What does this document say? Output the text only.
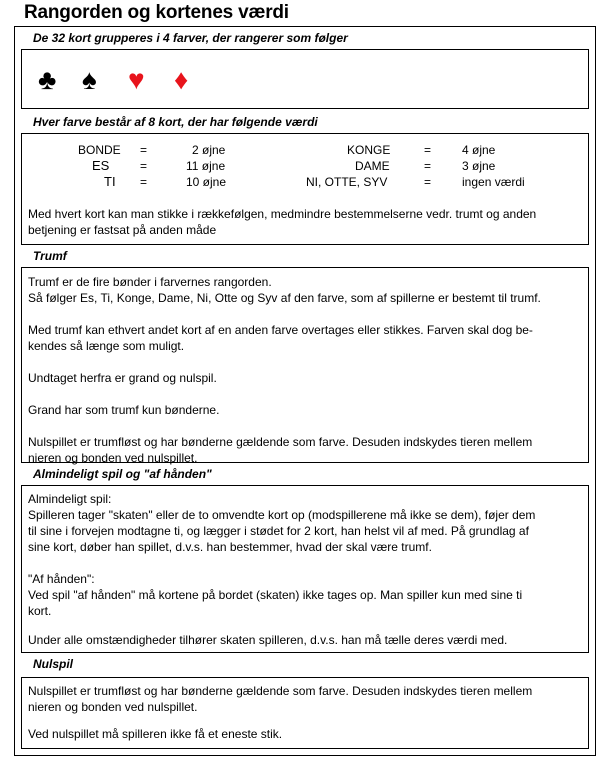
Rangorden og kortenes værdi
De 32 kort grupperes i 4 farver, der rangerer som følger
♣ ♠ ♥ ♦
Hver farve består af 8 kort, der har følgende værdi
BONDE =	2 øjne
ES	=	11 øjne
TI =	10 øjne
KONGE	=	4 øjne
DAME	=	3 øjne
NI, OTTE, SYV	=	ingen værdi
Med hvert kort kan man stikke i rækkefølgen, medmindre bestemmelserne vedr. trumt og anden
betjening er fastsat på anden måde
Trumf
Trumf er de fire bønder i farvernes rangorden.
Så følger Es, Ti, Konge, Dame, Ni, Otte og Syv af den farve, som af spillerne er bestemt til trumf.
Med trumf kan ethvert andet kort af en anden farve overtages eller stikkes. Farven skal dog be-
kendes så længe som muligt.
Undtaget herfra er grand og nulspil.
Grand har som trumf kun bønderne.
Nulspillet er trumfløst og har bønderne gældende som farve. Desuden indskydes tieren mellem
nieren og bonden ved nulspillet.
Almindeligt spil og "af hånden"
Almindeligt spil:
Spilleren tager "skaten" eller de to omvendte kort op (modspillerene må ikke se dem), føjer dem
til sine i forvejen modtagne ti, og lægger i stødet for 2 kort, han helst vil af med. På grundlag af
sine kort, døber han spillet, d.v.s. han bestemmer, hvad der skal være trumf.
"Af hånden":
Ved spil "af hånden" må kortene på bordet (skaten) ikke tages op. Man spiller kun med sine ti
kort.
Under alle omstændigheder tilhører skaten spilleren, d.v.s. han må tælle deres værdi med.
Nulspil
Nulspillet er trumfløst og har bønderne gældende som farve. Desuden indskydes tieren mellem
nieren og bonden ved nulspillet.
Ved nulspillet må spilleren ikke få et eneste stik.
